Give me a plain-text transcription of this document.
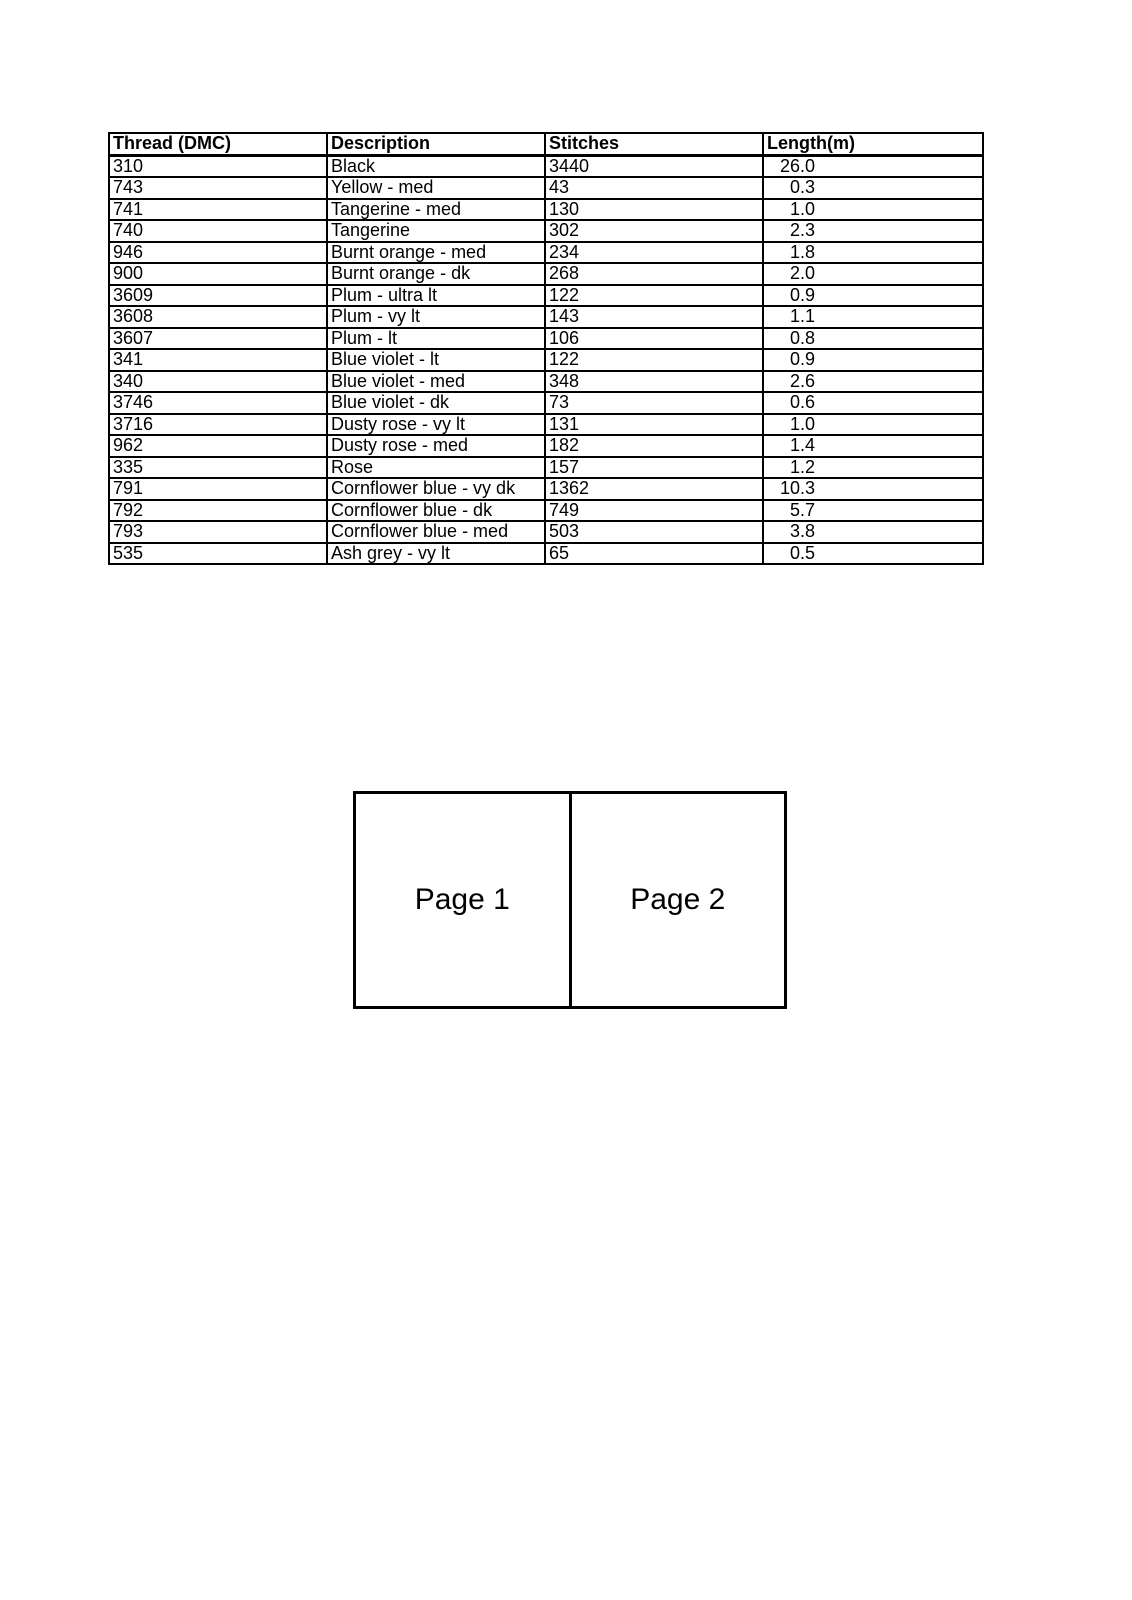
Thread (DMC)	Description	Stitches	Length(m)
310	Black	3440	26.0
743	Yellow - med	43	0.3
741	Tangerine - med	130	1.0
740	Tangerine	302	2.3
946	Burnt orange - med	234	1.8
900	Burnt orange - dk	268	2.0
3609	Plum - ultra lt	122	0.9
3608	Plum - vy lt	143	1.1
3607	Plum - lt	106	0.8
341	Blue violet - lt	122	0.9
340	Blue violet - med	348	2.6
3746	Blue violet - dk	73	0.6
3716	Dusty rose - vy lt	131	1.0
962	Dusty rose - med	182	1.4
335	Rose	157	1.2
791	Cornflower blue - vy dk	1362	10.3
792	Cornflower blue - dk	749	5.7
793	Cornflower blue - med	503	3.8
535	Ash grey - vy lt	65	0.5
Page 1	Page 2
